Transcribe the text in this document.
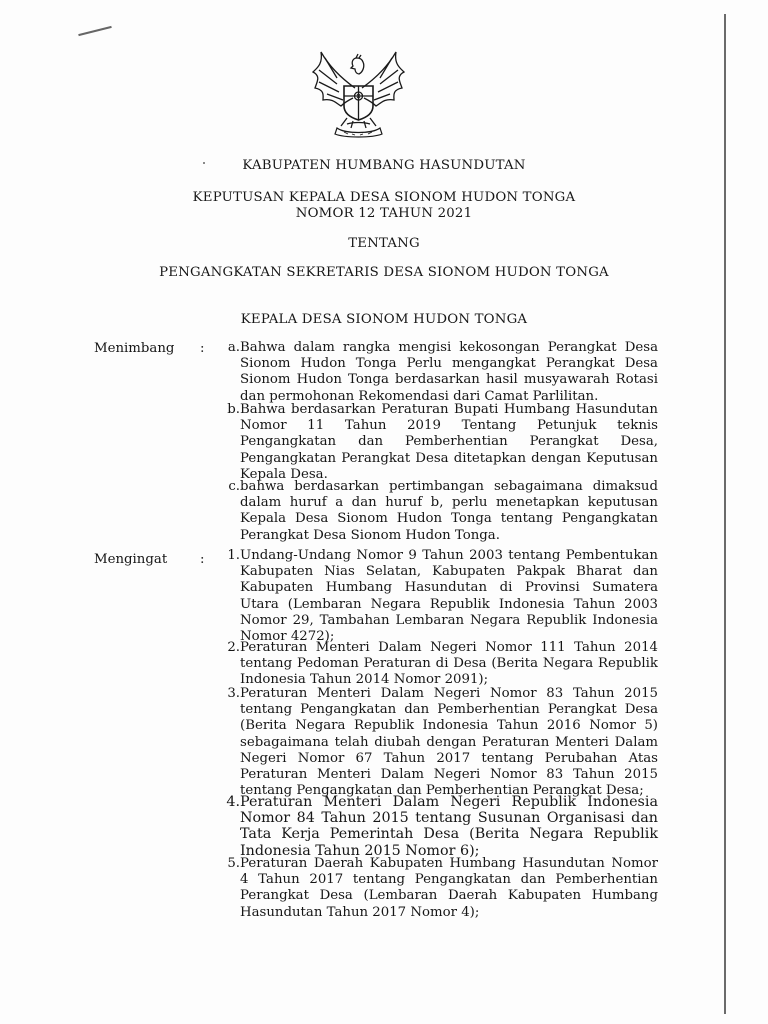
KABUPATEN HUMBANG HASUNDUTAN
KEPUTUSAN KEPALA DESA SIONOM HUDON TONGA
NOMOR 12 TAHUN 2021
TENTANG
PENGANGKATAN SEKRETARIS DESA SIONOM HUDON TONGA
KEPALA DESA SIONOM HUDON TONGA
Menimbang :	a. Bahwa dalam rangka mengisi kekosongan Perangkat Desa Sionom Hudon Tonga Perlu mengangkat Perangkat Desa Sionom Hudon Tonga berdasarkan hasil musyawarah Rotasi dan permohonan Rekomendasi dari Camat Parlilitan.
b. Bahwa berdasarkan Peraturan Bupati Humbang Hasundutan Nomor 11 Tahun 2019 Tentang Petunjuk teknis Pengangkatan dan Pemberhentian Perangkat Desa, Pengangkatan Perangkat Desa ditetapkan dengan Keputusan Kepala Desa.
c. bahwa berdasarkan pertimbangan sebagaimana dimaksud dalam huruf a dan huruf b, perlu menetapkan keputusan Kepala Desa Sionom Hudon Tonga tentang Pengangkatan Perangkat Desa Sionom Hudon Tonga.
Mengingat :	1. Undang-Undang Nomor 9 Tahun 2003 tentang Pembentukan Kabupaten Nias Selatan, Kabupaten Pakpak Bharat dan Kabupaten Humbang Hasundutan di Provinsi Sumatera Utara (Lembaran Negara Republik Indonesia Tahun 2003 Nomor 29, Tambahan Lembaran Negara Republik Indonesia Nomor 4272);
2. Peraturan Menteri Dalam Negeri Nomor 111 Tahun 2014 tentang Pedoman Peraturan di Desa (Berita Negara Republik Indonesia Tahun 2014 Nomor 2091);
3. Peraturan Menteri Dalam Negeri Nomor 83 Tahun 2015 tentang Pengangkatan dan Pemberhentian Perangkat Desa (Berita Negara Republik Indonesia Tahun 2016 Nomor 5) sebagaimana telah diubah dengan Peraturan Menteri Dalam Negeri Nomor 67 Tahun 2017 tentang Perubahan Atas Peraturan Menteri Dalam Negeri Nomor 83 Tahun 2015 tentang Pengangkatan dan Pemberhentian Perangkat Desa;
4. Peraturan Menteri Dalam Negeri Republik Indonesia Nomor 84 Tahun 2015 tentang Susunan Organisasi dan Tata Kerja Pemerintah Desa (Berita Negara Republik Indonesia Tahun 2015 Nomor 6);
5. Peraturan Daerah Kabupaten Humbang Hasundutan Nomor 4 Tahun 2017 tentang Pengangkatan dan Pemberhentian Perangkat Desa (Lembaran Daerah Kabupaten Humbang Hasundutan Tahun 2017 Nomor 4);
